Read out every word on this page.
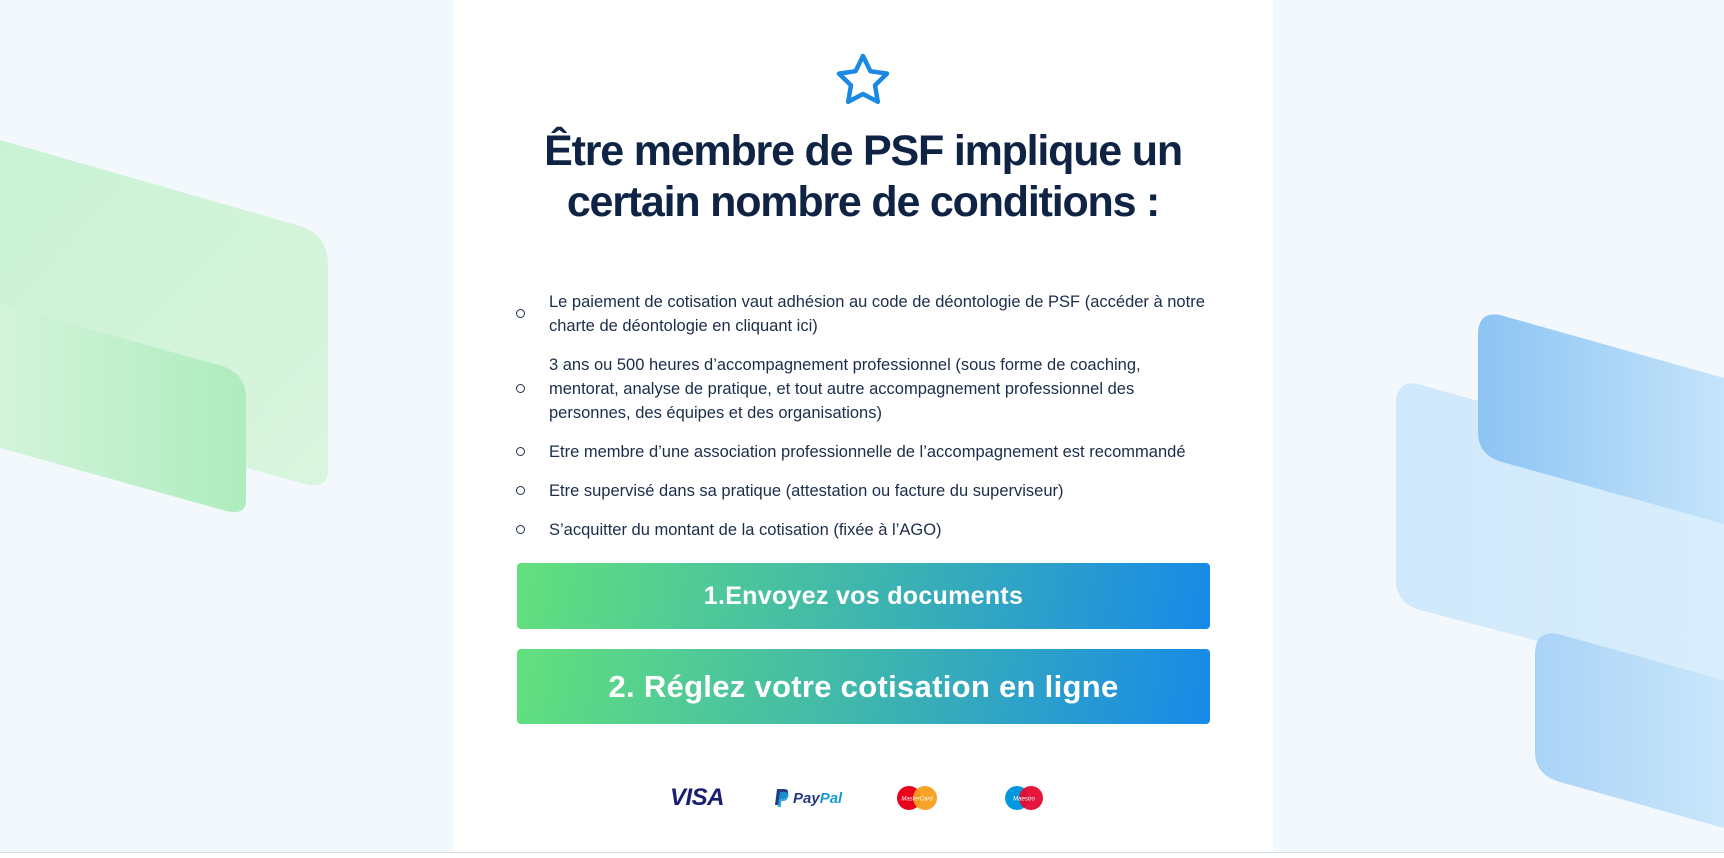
Être membre de PSF implique un
certain nombre de conditions :
Le paiement de cotisation vaut adhésion au code de déontologie de PSF (accéder à notre charte de déontologie en cliquant ici)
3 ans ou 500 heures d’accompagnement professionnel (sous forme de coaching, mentorat, analyse de pratique, et tout autre accompagnement professionnel des personnes, des équipes et des organisations)
Etre membre d’une association professionnelle de l’accompagnement est recommandé
Etre supervisé dans sa pratique (attestation ou facture du superviseur)
S’acquitter du montant de la cotisation (fixée à l’AGO)
1.Envoyez vos documents
2. Réglez votre cotisation en ligne
VISA	PayPal	MasterCard	Maestro
